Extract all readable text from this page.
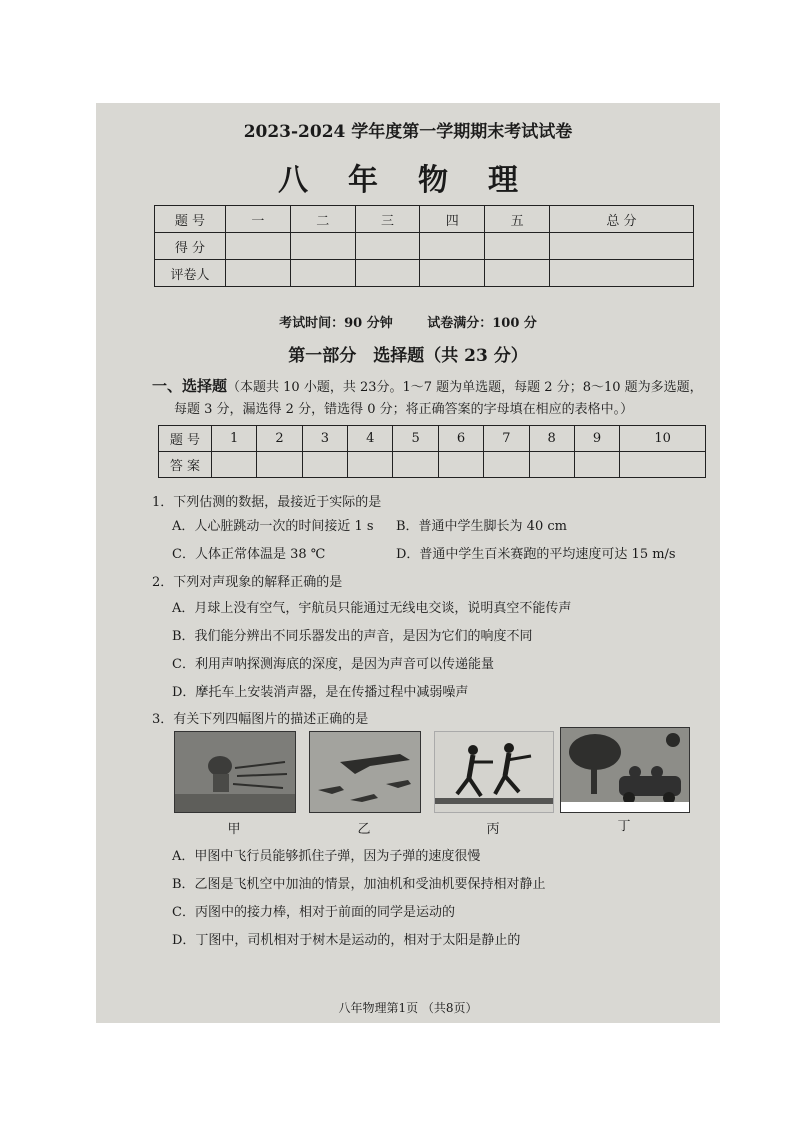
2023-2024 学年度第一学期期末考试试卷
八年物理
题 号	一	二	三	四	五	总 分
得 分						
评卷人						
考试时间：90 分钟	试卷满分：100 分
第一部分　选择题（共 23 分）
一、选择题（本题共 10 小题，共 23分。1～7 题为单选题，每题 2 分；8～10 题为多选题，
每题 3 分，漏选得 2 分，错选得 0 分；将正确答案的字母填在相应的表格中。）
题 号	1	2	3	4	5	6	7	8	9	10
答 案										
1．下列估测的数据，最接近于实际的是
A．人心脏跳动一次的时间接近 1 s B．普通中学生脚长为 40 cm
C．人体正常体温是 38 ℃	D．普通中学生百米赛跑的平均速度可达 15 m/s
2．下列对声现象的解释正确的是
A．月球上没有空气，宇航员只能通过无线电交谈，说明真空不能传声
B．我们能分辨出不同乐器发出的声音，是因为它们的响度不同
C．利用声呐探测海底的深度，是因为声音可以传递能量
D．摩托车上安装消声器，是在传播过程中减弱噪声
3．有关下列四幅图片的描述正确的是
甲	乙	丙	丁
A．甲图中飞行员能够抓住子弹，因为子弹的速度很慢
B．乙图是飞机空中加油的情景，加油机和受油机要保持相对静止
C．丙图中的接力棒，相对于前面的同学是运动的
D．丁图中，司机相对于树木是运动的，相对于太阳是静止的
八年物理第1页 （共8页）
